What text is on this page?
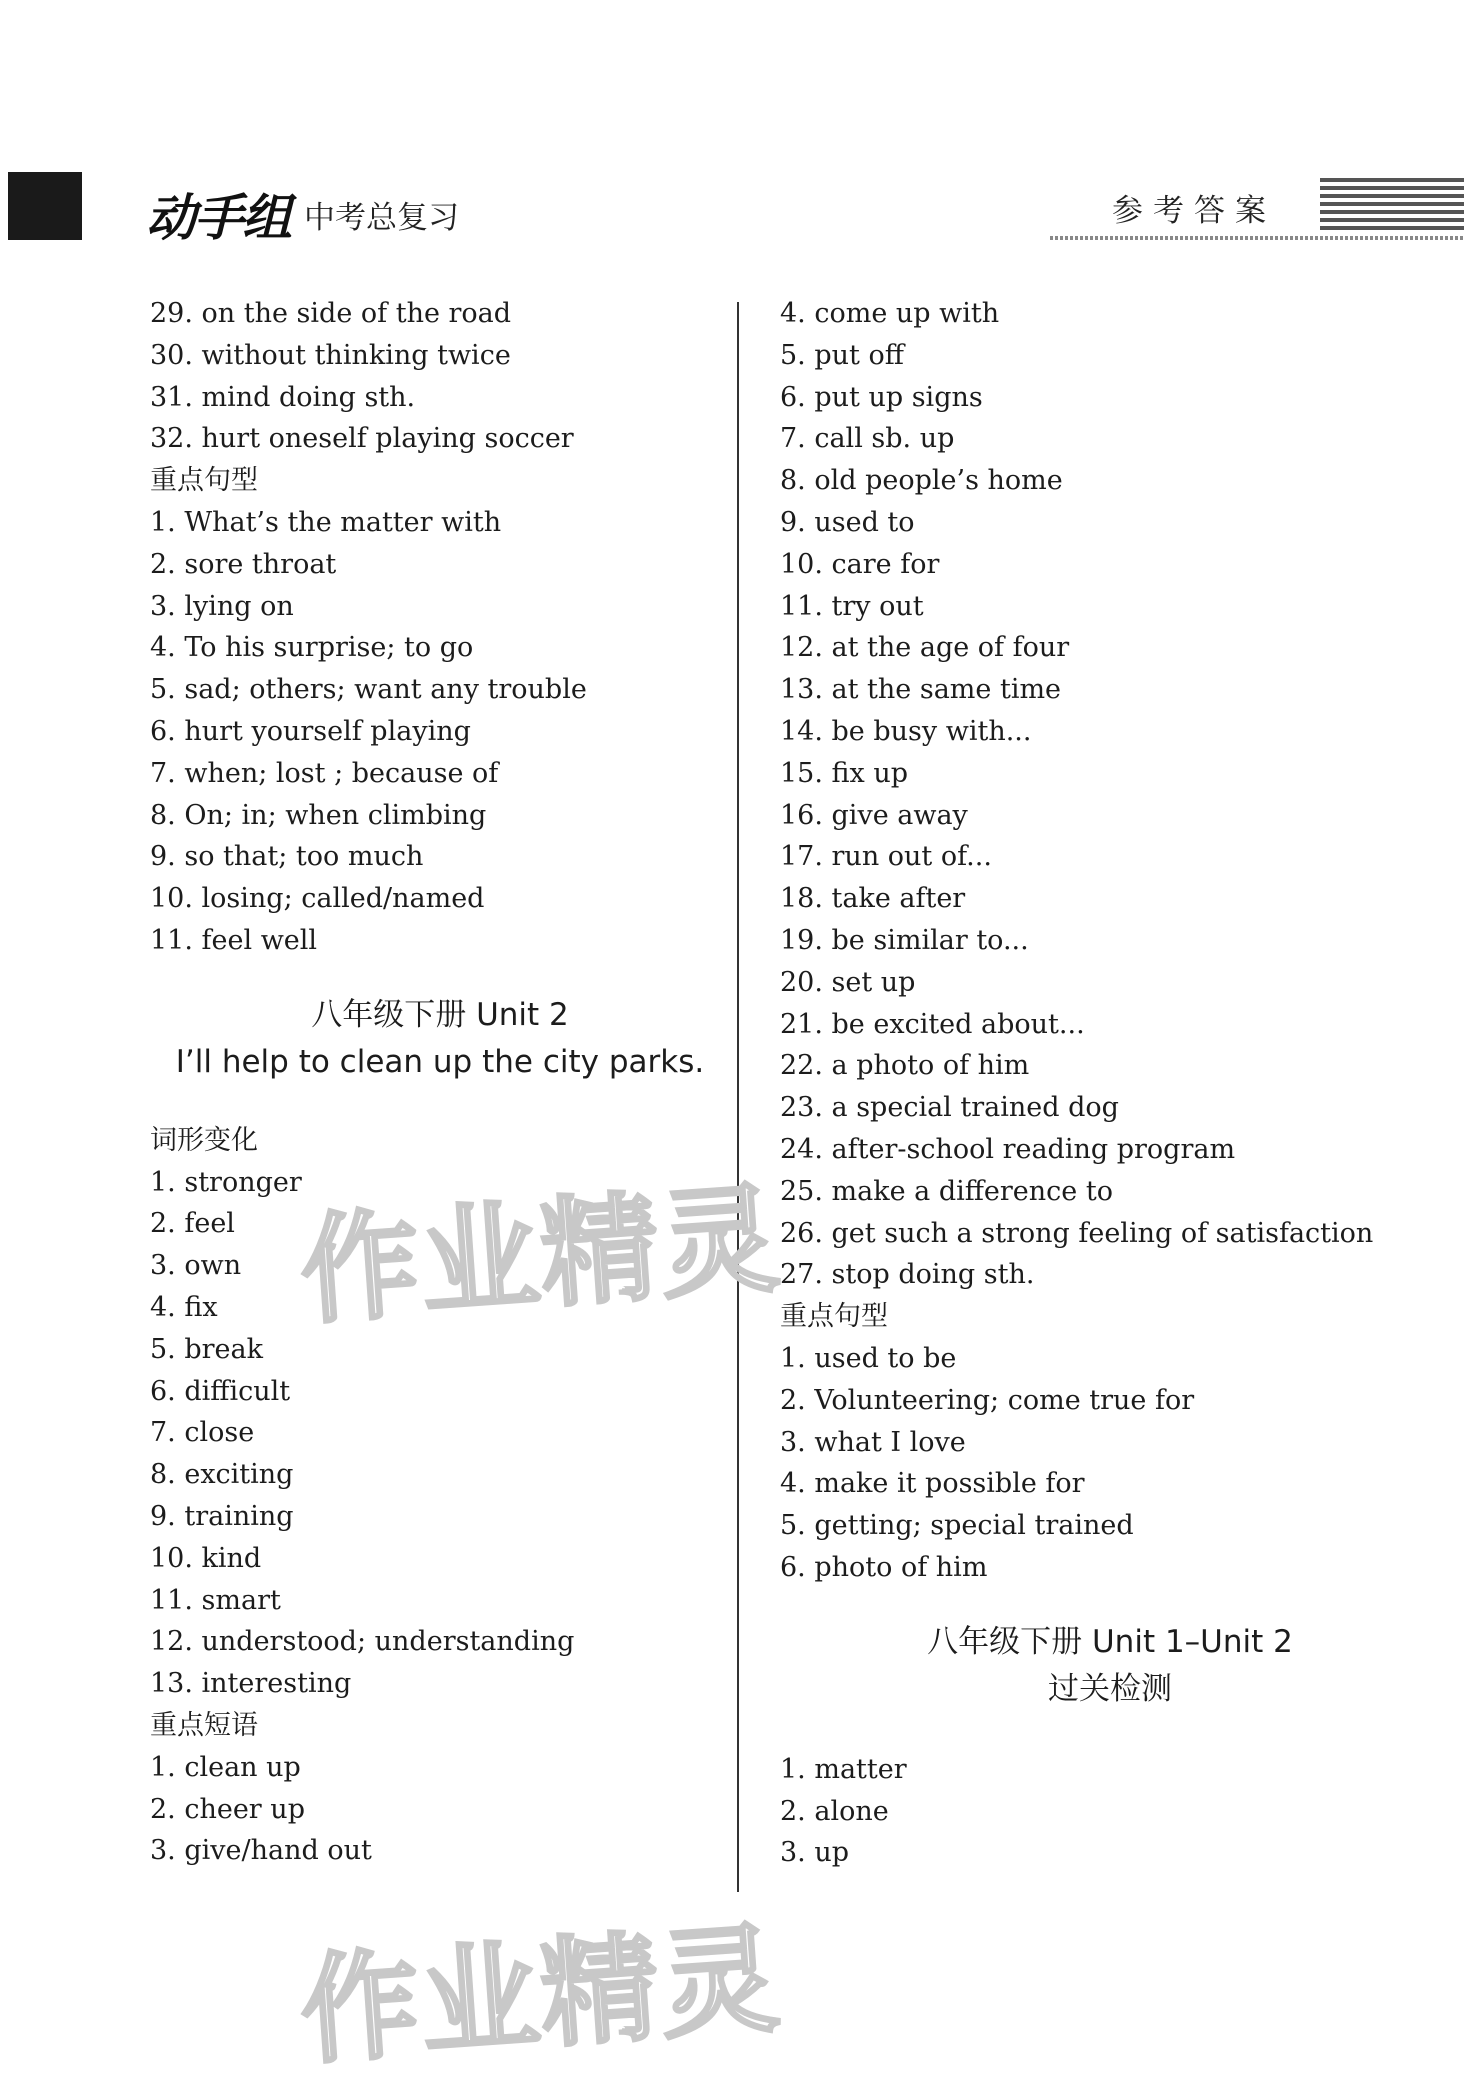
动手组 中考总复习	参考答案
29. on the side of the road
30. without thinking twice
31. mind doing sth.
32. hurt oneself playing soccer
重点句型
1. What’s the matter with
2. sore throat
3. lying on
4. To his surprise; to go
5. sad; others; want any trouble
6. hurt yourself playing
7. when; lost ; because of
8. On; in; when climbing
9. so that; too much
10. losing; called/named
11. feel well
八年级下册 Unit 2
I’ll help to clean up the city parks.
词形变化
1. stronger
2. feel
3. own
4. fix
5. break
6. difficult
7. close
8. exciting
9. training
10. kind
11. smart
12. understood; understanding
13. interesting
重点短语
1. clean up
2. cheer up
3. give/hand out
4. come up with
5. put off
6. put up signs
7. call sb. up
8. old people’s home
9. used to
10. care for
11. try out
12. at the age of four
13. at the same time
14. be busy with...
15. fix up
16. give away
17. run out of...
18. take after
19. be similar to...
20. set up
21. be excited about...
22. a photo of him
23. a special trained dog
24. after-school reading program
25. make a difference to
26. get such a strong feeling of satisfaction
27. stop doing sth.
重点句型
1. used to be
2. Volunteering; come true for
3. what I love
4. make it possible for
5. getting; special trained
6. photo of him
八年级下册 Unit 1–Unit 2
过关检测
1. matter
2. alone
3. up
作业精灵
作业精灵
